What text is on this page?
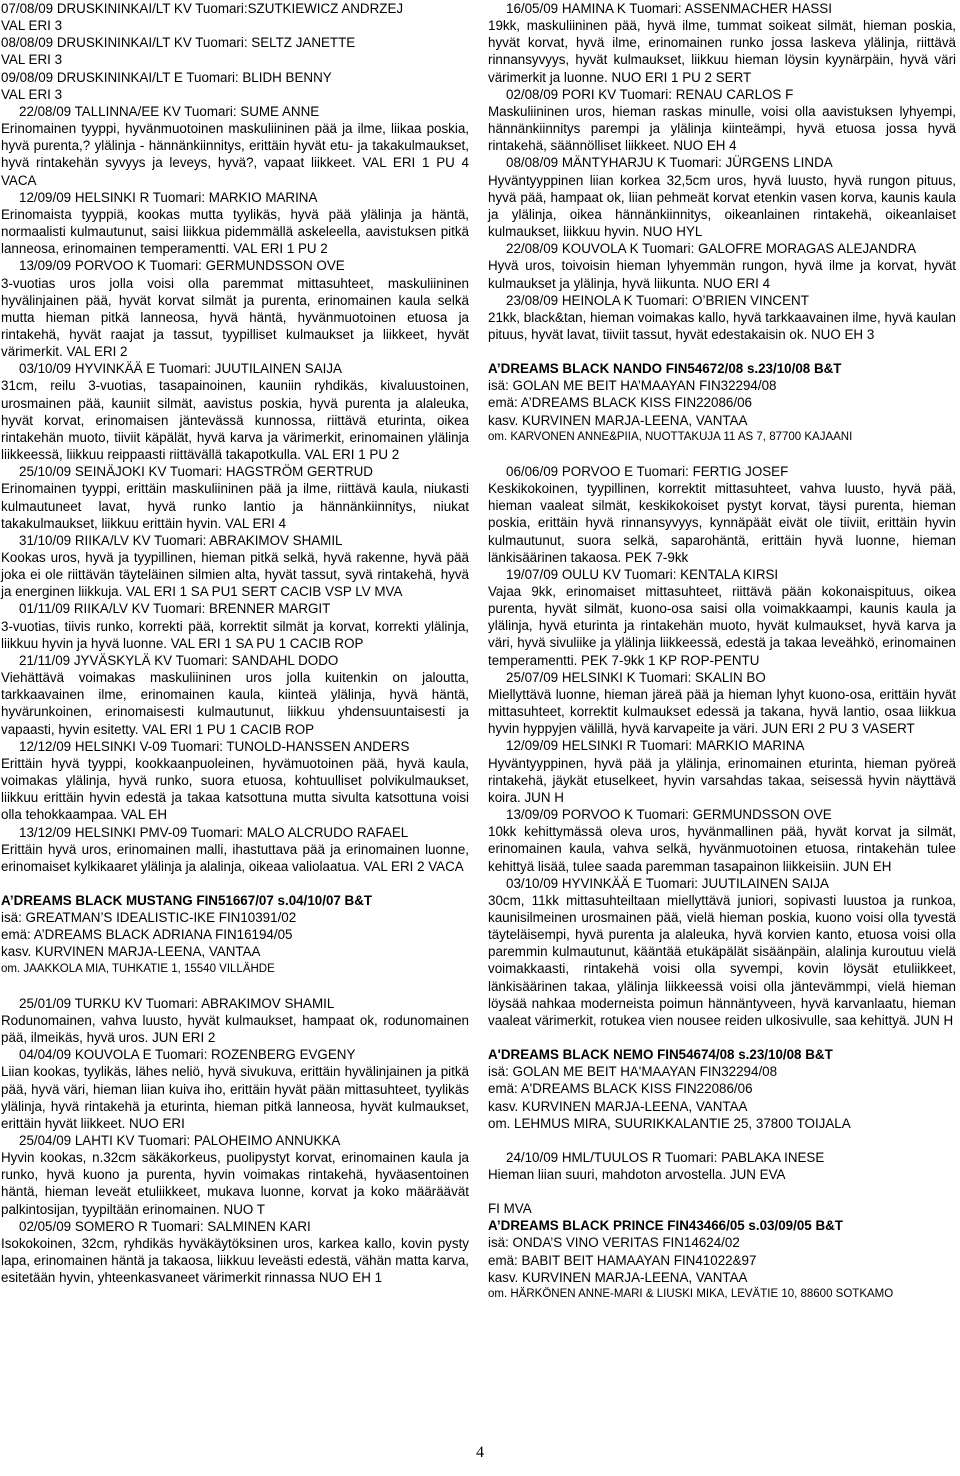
07/08/09 DRUSKININKAI/LT KV Tuomari:SZUTKIEWICZ ANDRZEJ
VAL ERI 3
08/08/09 DRUSKININKAI/LT KV Tuomari: SELTZ JANETTE
VAL ERI 3
09/08/09 DRUSKININKAI/LT E Tuomari: BLIDH BENNY
VAL ERI 3

22/08/09 TALLINNA/EE KV Tuomari: SUME ANNE

Erinomainen tyyppi, hyvänmuotoinen maskuliininen pää ja ilme, liikaa poskia, hyvä purenta,? ylälinja - hännänkiinnitys, erittäin hyvät etu- ja takakulmaukset, hyvä rintakehän syvyys ja leveys, hyvä?, vapaat liikkeet. VAL ERI 1 PU 4 VACA

12/09/09 HELSINKI R Tuomari: MARKIO MARINA

Erinomaista tyyppiä, kookas mutta tyylikäs, hyvä pää ylälinja ja häntä, normaalisti kulmautunut, saisi liikkua pidemmällä askeleella, aavistuksen pitkä lanneosa, erinomainen temperamentti. VAL ERI 1 PU 2

13/09/09 PORVOO K Tuomari: GERMUNDSSON OVE

3-vuotias uros jolla voisi olla paremmat mittasuhteet, maskuliininen hyvälinjainen pää, hyvät korvat silmät ja purenta, erinomainen kaula selkä mutta hieman pitkä lanneosa, hyvä häntä, hyvänmuotoinen etuosa ja rintakehä, hyvät raajat ja tassut, tyypilliset kulmaukset ja liikkeet, hyvät värimerkit. VAL ERI 2

03/10/09 HYVINKÄÄ E Tuomari: JUUTILAINEN SAIJA

31cm, reilu 3-vuotias, tasapainoinen, kauniin ryhdikäs, kivaluustoinen, urosmainen pää, kauniit silmät, aavistus poskia, hyvä purenta ja alaleuka, hyvät korvat, erinomaisen jäntevässä kunnossa, riittävä eturinta, oikea rintakehän muoto, tiiviit käpälät, hyvä karva ja värimerkit, erinomainen ylälinja liikkeessä, liikkuu reippaasti riittävällä takapotkulla. VAL ERI 1 PU 2

25/10/09 SEINÄJOKI KV Tuomari: HAGSTRÖM GERTRUD

Erinomainen tyyppi, erittäin maskuliininen pää ja ilme, riittävä kaula, niukasti kulmautuneet lavat, hyvä runko lantio ja hännänkiinnitys, niukat takakulmaukset, liikkuu erittäin hyvin. VAL ERI 4

31/10/09 RIIKA/LV KV Tuomari: ABRAKIMOV SHAMIL

Kookas uros, hyvä ja tyypillinen, hieman pitkä selkä, hyvä rakenne, hyvä pää joka ei ole riittävän täyteläinen silmien alta, hyvät tassut, syvä rintakehä, hyvä ja energinen liikkuja. VAL ERI 1 SA PU1 SERT CACIB VSP LV MVA

01/11/09 RIIKA/LV KV Tuomari: BRENNER MARGIT

3-vuotias, tiivis runko, korrekti pää, korrektit silmät ja korvat, korrekti ylälinja, liikkuu hyvin ja hyvä luonne. VAL ERI 1 SA PU 1 CACIB ROP

21/11/09 JYVÄSKYLÄ KV Tuomari: SANDAHL DODO

Viehättävä voimakas maskuliininen uros jolla kuitenkin on jaloutta, tarkkaavainen ilme, erinomainen kaula, kiinteä ylälinja, hyvä häntä, hyvärunkoinen, erinomaisesti kulmautunut, liikkuu yhdensuuntaisesti ja vapaasti, hyvin esitetty. VAL ERI 1 PU 1 CACIB ROP

12/12/09 HELSINKI V-09 Tuomari: TUNOLD-HANSSEN ANDERS

Erittäin hyvä tyyppi, kookkaanpuoleinen, hyvämuotoinen pää, hyvä kaula, voimakas ylälinja, hyvä runko, suora etuosa, kohtuulliset polvikulmaukset, liikkuu erittäin hyvin edestä ja takaa katsottuna mutta sivulta katsottuna voisi olla tehokkaampaa. VAL EH

13/12/09 HELSINKI PMV-09 Tuomari: MALO ALCRUDO RAFAEL

Erittäin hyvä uros, erinomainen malli, ihastuttava pää ja erinomainen luonne, erinomaiset kylkikaaret ylälinja ja alalinja, oikeaa valiolaatua. VAL ERI 2 VACA

A’DREAMS BLACK MUSTANG FIN51667/07 s.04/10/07 B&T

isä: GREATMAN’S IDEALISTIC-IKE FIN10391/02

emä: A’DREAMS BLACK ADRIANA FIN16194/05

kasv. KURVINEN MARJA-LEENA, VANTAA

om. JAAKKOLA MIA, TUHKATIE 1, 15540 VILLÄHDE

25/01/09 TURKU KV Tuomari: ABRAKIMOV SHAMIL

Rodunomainen, vahva luusto, hyvät kulmaukset, hampaat ok, rodunomainen pää, ilmeikäs, hyvä uros. JUN ERI 2

04/04/09 KOUVOLA E Tuomari: ROZENBERG EVGENY

Liian kookas, tyylikäs, lähes neliö, hyvä sivukuva, erittäin hyvälinjainen ja pitkä pää, hyvä väri, hieman liian kuiva iho, erittäin hyvät pään mittasuhteet, tyylikäs ylälinja, hyvä rintakehä ja eturinta, hieman pitkä lanneosa, hyvät kulmaukset, erittäin hyvät liikkeet. NUO ERI

25/04/09 LAHTI KV Tuomari: PALOHEIMO ANNUKKA

Hyvin kookas, n.32cm säkäkorkeus, puolipystyt korvat, erinomainen kaula ja runko, hyvä kuono ja purenta, hyvin voimakas rintakehä, hyväasentoinen häntä, hieman leveät etuliikkeet, mukava luonne, korvat ja koko määräävät palkintosijan, tyypiltään erinomainen. NUO T

02/05/09 SOMERO R Tuomari: SALMINEN KARI

Isokokoinen, 32cm, ryhdikäs hyväkäytöksinen uros, karkea kallo, kovin pysty lapa, erinomainen häntä ja takaosa, liikkuu leveästi edestä, vähän matta karva, esitetään hyvin, yhteenkasvaneet värimerkit rinnassa NUO EH 1

16/05/09 HAMINA K Tuomari: ASSENMACHER HASSI

19kk, maskuliininen pää, hyvä ilme, tummat soikeat silmät, hieman poskia, hyvät korvat, hyvä ilme, erinomainen runko jossa laskeva ylälinja, riittävä rinnansyvyys, hyvät kulmaukset, liikkuu hieman löysin kyynärpäin, hyvä väri värimerkit ja luonne. NUO ERI 1 PU 2 SERT

02/08/09 PORI KV Tuomari: RENAU CARLOS F

Maskuliininen uros, hieman raskas minulle, voisi olla aavistuksen lyhyempi, hännänkiinnitys parempi ja ylälinja kiinteämpi, hyvä etuosa jossa hyvä rintakehä, säännölliset liikkeet. NUO EH 4

08/08/09 MÄNTYHARJU K Tuomari: JÜRGENS LINDA

Hyväntyyppinen liian korkea 32,5cm uros, hyvä luusto, hyvä rungon pituus, hyvä pää, hampaat ok, liian pehmeät korvat etenkin vasen korva, kaunis kaula ja ylälinja, oikea hännänkiinnitys, oikeanlainen rintakehä, oikeanlaiset kulmaukset, liikkuu hyvin. NUO HYL

22/08/09 KOUVOLA K Tuomari: GALOFRE MORAGAS ALEJANDRA

Hyvä uros, toivoisin hieman lyhyemmän rungon, hyvä ilme ja korvat, hyvät kulmaukset ja ylälinja, hyvä liikunta. NUO ERI 4

23/08/09 HEINOLA K Tuomari: O’BRIEN VINCENT

21kk, black&tan, hieman voimakas kallo, hyvä tarkkaavainen ilme, hyvä kaulan pituus, hyvät lavat, tiiviit tassut, hyvät edestakaisin ok. NUO EH 3

A’DREAMS BLACK NANDO FIN54672/08 s.23/10/08 B&T

isä: GOLAN ME BEIT HA’MAAYAN FIN32294/08

emä: A’DREAMS BLACK KISS FIN22086/06

kasv. KURVINEN MARJA-LEENA, VANTAA

om. KARVONEN ANNE&PIIA, NUOTTAKUJA 11 AS 7, 87700 KAJAANI

06/06/09 PORVOO E Tuomari: FERTIG JOSEF

Keskikokoinen, tyypillinen, korrektit mittasuhteet, vahva luusto, hyvä pää, hieman vaaleat silmät, keskikokoiset pystyt korvat, täysi purenta, hieman poskia, erittäin hyvä rinnansyvyys, kynnäpäät eivät ole tiiviit, erittäin hyvin kulmautunut, suora selkä, saparohäntä, erittäin hyvä luonne, hieman länkisäärinen takaosa. PEK 7-9kk

19/07/09 OULU KV Tuomari: KENTALA KIRSI

Vajaa 9kk, erinomaiset mittasuhteet, riittävä pään kokonaispituus, oikea purenta, hyvät silmät, kuono-osa saisi olla voimakkaampi, kaunis kaula ja ylälinja, hyvä eturinta ja rintakehän muoto, hyvät kulmaukset, hyvä karva ja väri, hyvä sivuliike ja ylälinja liikkeessä, edestä ja takaa leveähkö, erinomainen temperamentti. PEK 7-9kk 1 KP ROP-PENTU

25/07/09 HELSINKI K Tuomari: SKALIN BO

Miellyttävä luonne, hieman järeä pää ja hieman lyhyt kuono-osa, erittäin hyvät mittasuhteet, korrektit kulmaukset edessä ja takana, hyvä lantio, osaa liikkua hyvin hyppyjen välillä, hyvä karvapeite ja väri. JUN ERI 2 PU 3 VASERT

12/09/09 HELSINKI R Tuomari: MARKIO MARINA

Hyväntyyppinen, hyvä pää ja ylälinja, erinomainen eturinta, hieman pyöreä rintakehä, jäykät etuselkeet, hyvin varsahdas takaa, seisessä hyvin näyttävä koira. JUN H

13/09/09 PORVOO K Tuomari: GERMUNDSSON OVE

10kk kehittymässä oleva uros, hyvänmallinen pää, hyvät korvat ja silmät, erinomainen kaula, vahva selkä, hyvänmuotoinen etuosa, rintakehän tulee kehittyä lisää, tulee saada paremman tasapainon liikkeisiin. JUN EH

03/10/09 HYVINKÄÄ E Tuomari: JUUTILAINEN SAIJA

30cm, 11kk mittasuhteiltaan miellyttävä juniori, sopivasti luustoa ja runkoa, kaunisilmeinen urosmainen pää, vielä hieman poskia, kuono voisi olla tyvestä täyteläisempi, hyvä purenta ja alaleuka, hyvä korvien kanto, etuosa voisi olla paremmin kulmautunut, kääntää etukäpälät sisäänpäin, alalinja kuroutuu vielä voimakkaasti, rintakehä voisi olla syvempi, kovin löysät etuliikkeet, länkisäärinen takaa, ylälinja liikkeessä voisi olla jäntevämmpi, vielä hieman löysää nahkaa moderneista poimun hännäntyveen, hyvä karvanlaatu, hieman vaaleat värimerkit, rotukea vien nousee reiden ulkosivulle, saa kehittyä. JUN H

A'DREAMS BLACK NEMO FIN54674/08 s.23/10/08 B&T

isä: GOLAN ME BEIT HA'MAAYAN FIN32294/08

emä: A'DREAMS BLACK KISS FIN22086/06

kasv. KURVINEN MARJA-LEENA, VANTAA

om. LEHMUS MIRA, SUURIKKALANTIE 25, 37800 TOIJALA

24/10/09 HML/TUULOS R Tuomari: PABLAKA INESE

Hieman liian suuri, mahdoton arvostella. JUN EVA

FI MVA

A’DREAMS BLACK PRINCE FIN43466/05 s.03/09/05 B&T

isä: ONDA’S VINO VERITAS FIN14624/02

emä: BABIT BEIT HAMAAYAN FIN41022&97

kasv. KURVINEN MARJA-LEENA, VANTAA

om. HÄRKÖNEN ANNE-MARI & LIUSKI MIKA, LEVÄTIE 10, 88600 SOTKAMO

4
